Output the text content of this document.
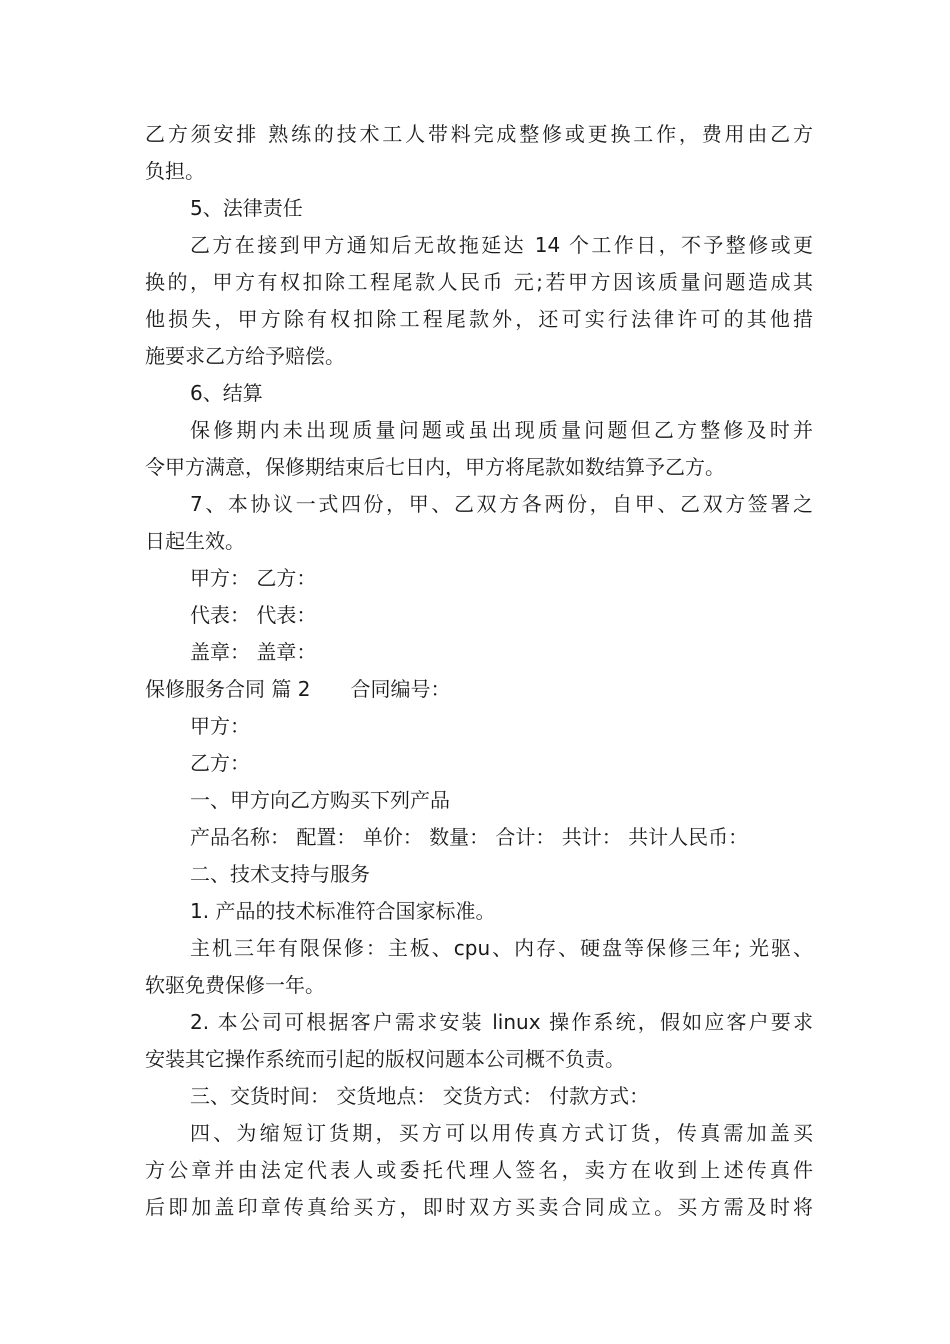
乙方须安排 熟练的技术工人带料完成整修或更换工作，费用由乙方

负担。

5、法律责任

乙方在接到甲方通知后无故拖延达 14 个工作日，不予整修或更

换的，甲方有权扣除工程尾款人民币 元;若甲方因该质量问题造成其

他损失，甲方除有权扣除工程尾款外，还可实行法律许可的其他措

施要求乙方给予赔偿。

6、结算

保修期内未出现质量问题或虽出现质量问题但乙方整修及时并

令甲方满意，保修期结束后七日内，甲方将尾款如数结算予乙方。

7、本协议一式四份，甲、乙双方各两份，自甲、乙双方签署之

日起生效。

甲方： 乙方：

代表： 代表：

盖章： 盖章：

保修服务合同 篇 2 合同编号：

甲方：

乙方：

一、甲方向乙方购买下列产品

产品名称： 配置： 单价： 数量： 合计： 共计： 共计人民币：

二、技术支持与服务

1. 产品的技术标准符合国家标准。

主机三年有限保修：主板、cpu、内存、硬盘等保修三年; 光驱、

软驱免费保修一年。

2. 本公司可根据客户需求安装 linux 操作系统，假如应客户要求

安装其它操作系统而引起的版权问题本公司概不负责。

三、交货时间： 交货地点： 交货方式： 付款方式：

四、为缩短订货期，买方可以用传真方式订货，传真需加盖买

方公章并由法定代表人或委托代理人签名，卖方在收到上述传真件

后即加盖印章传真给买方，即时双方买卖合同成立。买方需及时将
